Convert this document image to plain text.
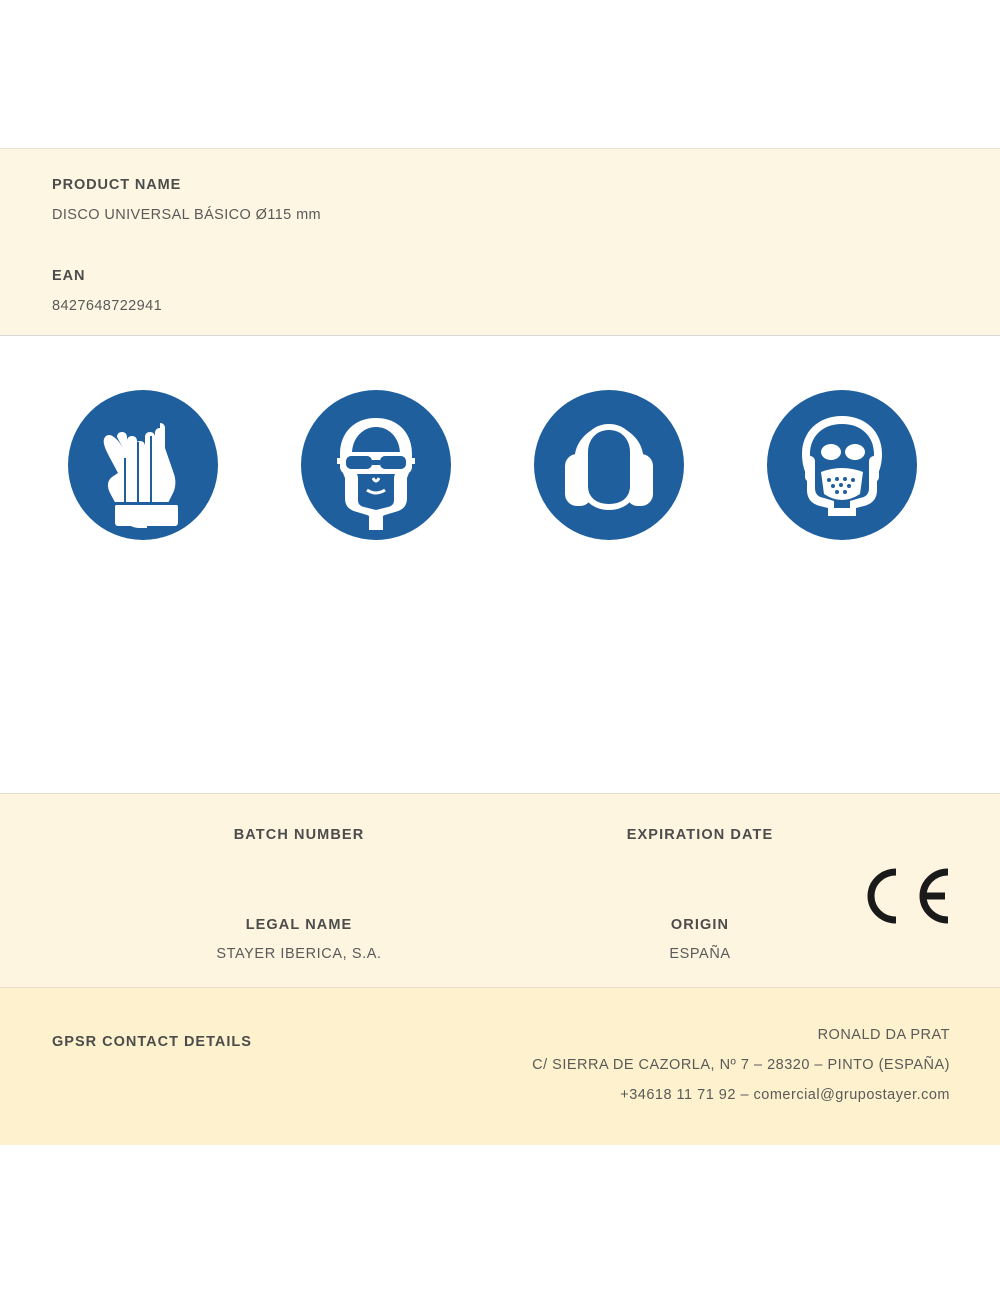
PRODUCT NAME
DISCO UNIVERSAL BÁSICO Ø115 mm
EAN
8427648722941
BATCH NUMBER	EXPIRATION DATE
LEGAL NAME
STAYER IBERICA, S.A.
ORIGIN
ESPAÑA
GPSR CONTACT DETAILS	RONALD DA PRAT
C/ SIERRA DE CAZORLA, Nº 7 – 28320 – PINTO (ESPAÑA)
+34618 11 71 92 – comercial@grupostayer.com
